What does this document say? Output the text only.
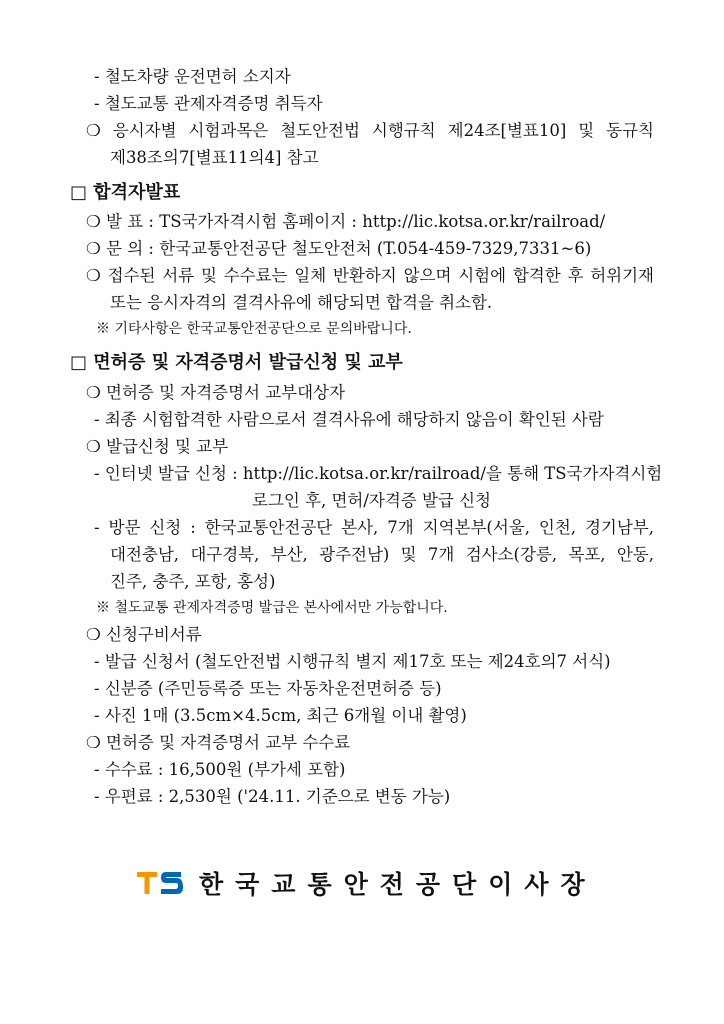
- 철도차량 운전면허 소지자
- 철도교통 관제자격증명 취득자
❍ 응시자별 시험과목은 철도안전법 시행규칙 제24조[별표10] 및 동규칙
제38조의7[별표11의4] 참고
□ 합격자발표
❍ 발 표 : TS국가자격시험 홈페이지 : http://lic.kotsa.or.kr/railroad/
❍ 문 의 : 한국교통안전공단 철도안전처 (T.054-459-7329,7331~6)
❍ 접수된 서류 및 수수료는 일체 반환하지 않으며 시험에 합격한 후 허위기재
또는 응시자격의 결격사유에 해당되면 합격을 취소함.
※ 기타사항은 한국교통안전공단으로 문의바랍니다.
□ 면허증 및 자격증명서 발급신청 및 교부
❍ 면허증 및 자격증명서 교부대상자
- 최종 시험합격한 사람으로서 결격사유에 해당하지 않음이 확인된 사람
❍ 발급신청 및 교부
- 인터넷 발급 신청 : http://lic.kotsa.or.kr/railroad/을 통해 TS국가자격시험
로그인 후, 면허/자격증 발급 신청
- 방문 신청 : 한국교통안전공단 본사, 7개 지역본부(서울, 인천, 경기남부,
대전충남, 대구경북, 부산, 광주전남) 및 7개 검사소(강릉, 목포, 안동,
진주, 충주, 포항, 홍성)
※ 철도교통 관제자격증명 발급은 본사에서만 가능합니다.
❍ 신청구비서류
- 발급 신청서 (철도안전법 시행규칙 별지 제17호 또는 제24호의7 서식)
- 신분증 (주민등록증 또는 자동차운전면허증 등)
- 사진 1매 (3.5cm×4.5cm, 최근 6개월 이내 촬영)
❍ 면허증 및 자격증명서 교부 수수료
- 수수료 : 16,500원 (부가세 포함)
- 우편료 : 2,530원 ('24.11. 기준으로 변동 가능)
한국교통안전공단이사장
